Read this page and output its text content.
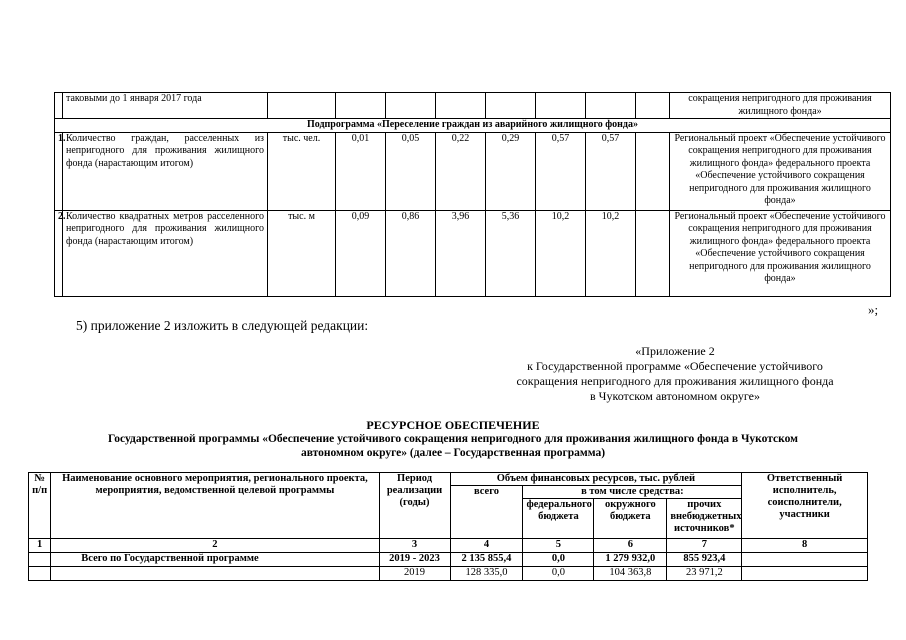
	таковыми до 1 января 2017 года									сокращения непригодного для проживания жилищного фонда»
Подпрограмма «Переселение граждан из аварийного жилищного фонда»										
1.	Количество граждан, расселенных из непригодного для проживания жилищного фонда (нарастающим итогом)	тыс. чел.	0,01	0,05	0,22	0,29	0,57	0,57		Региональный проект «Обеспечение устойчивого сокращения непригодного для проживания жилищного фонда» федерального проекта «Обеспечение устойчивого сокращения непригодного для проживания жилищного фонда»
2.	Количество квадратных метров расселенного непригодного для проживания жилищного фонда (нарастающим итогом)	тыс. м	0,09	0,86	3,96	5,36	10,2	10,2		Региональный проект «Обеспечение устойчивого сокращения непригодного для проживания жилищного фонда» федерального проекта «Обеспечение устойчивого сокращения непригодного для проживания жилищного фонда»
»;
5) приложение 2 изложить в следующей редакции:
«Приложение 2
к Государственной программе «Обеспечение устойчивого
сокращения непригодного для проживания жилищного фонда
в Чукотском автономном округе»
РЕСУРСНОЕ ОБЕСПЕЧЕНИЕ
Государственной программы «Обеспечение устойчивого сокращения непригодного для проживания жилищного фонда в Чукотском
автономном округе» (далее – Государственная программа)
№ п/п	Наименование основного мероприятия, регионального проекта, мероприятия, ведомственной целевой программы	Период реализации (годы)	Объем финансовых ресурсов, тыс. рублей				Ответственный исполнитель, соисполнители, участники
			всего	в том числе средства:			
				федерального бюджета	окружного бюджета	прочих внебюджетных источников*	
1	2	3	4	5	6	7	8
	Всего по Государственной программе	2019 - 2023	2 135 855,4	0,0	1 279 932,0	855 923,4	
		2019	128 335,0	0,0	104 363,8	23 971,2	
